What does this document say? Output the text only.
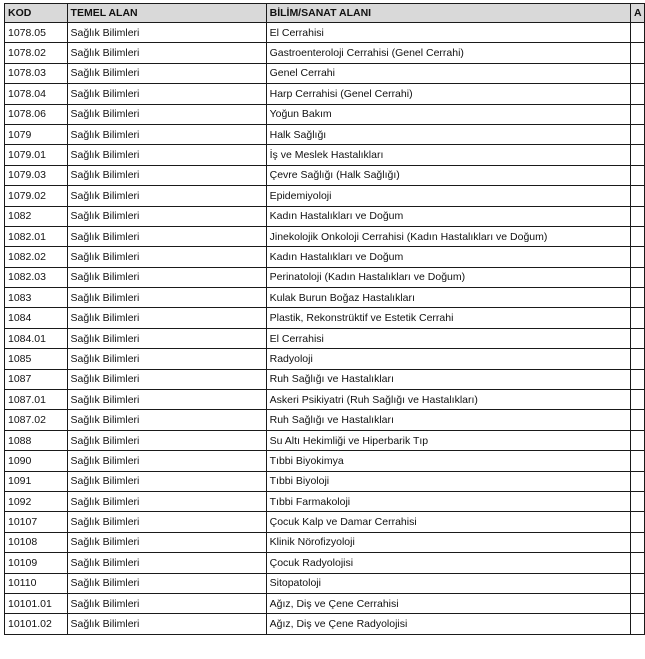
KOD	TEMEL ALAN	BİLİM/SANAT ALANI	A
1078.05	Sağlık Bilimleri	El Cerrahisi	
1078.02	Sağlık Bilimleri	Gastroenteroloji Cerrahisi (Genel Cerrahi)	
1078.03	Sağlık Bilimleri	Genel Cerrahi	
1078.04	Sağlık Bilimleri	Harp Cerrahisi (Genel Cerrahi)	
1078.06	Sağlık Bilimleri	Yoğun Bakım	
1079	Sağlık Bilimleri	Halk Sağlığı	
1079.01	Sağlık Bilimleri	İş ve Meslek Hastalıkları	
1079.03	Sağlık Bilimleri	Çevre Sağlığı (Halk Sağlığı)	
1079.02	Sağlık Bilimleri	Epidemiyoloji	
1082	Sağlık Bilimleri	Kadın Hastalıkları ve Doğum	
1082.01	Sağlık Bilimleri	Jinekolojik Onkoloji Cerrahisi (Kadın Hastalıkları ve Doğum)	
1082.02	Sağlık Bilimleri	Kadın Hastalıkları ve Doğum	
1082.03	Sağlık Bilimleri	Perinatoloji (Kadın Hastalıkları ve Doğum)	
1083	Sağlık Bilimleri	Kulak Burun Boğaz Hastalıkları	
1084	Sağlık Bilimleri	Plastik, Rekonstrüktif ve Estetik Cerrahi	
1084.01	Sağlık Bilimleri	El Cerrahisi	
1085	Sağlık Bilimleri	Radyoloji	
1087	Sağlık Bilimleri	Ruh Sağlığı ve Hastalıkları	
1087.01	Sağlık Bilimleri	Askeri Psikiyatri (Ruh Sağlığı ve Hastalıkları)	
1087.02	Sağlık Bilimleri	Ruh Sağlığı ve Hastalıkları	
1088	Sağlık Bilimleri	Su Altı Hekimliği ve Hiperbarik Tıp	
1090	Sağlık Bilimleri	Tıbbi Biyokimya	
1091	Sağlık Bilimleri	Tıbbi Biyoloji	
1092	Sağlık Bilimleri	Tıbbi Farmakoloji	
10107	Sağlık Bilimleri	Çocuk Kalp ve Damar Cerrahisi	
10108	Sağlık Bilimleri	Klinik Nörofizyoloji	
10109	Sağlık Bilimleri	Çocuk Radyolojisi	
10110	Sağlık Bilimleri	Sitopatoloji	
10101.01	Sağlık Bilimleri	Ağız, Diş ve Çene Cerrahisi	
10101.02	Sağlık Bilimleri	Ağız, Diş ve Çene Radyolojisi	
